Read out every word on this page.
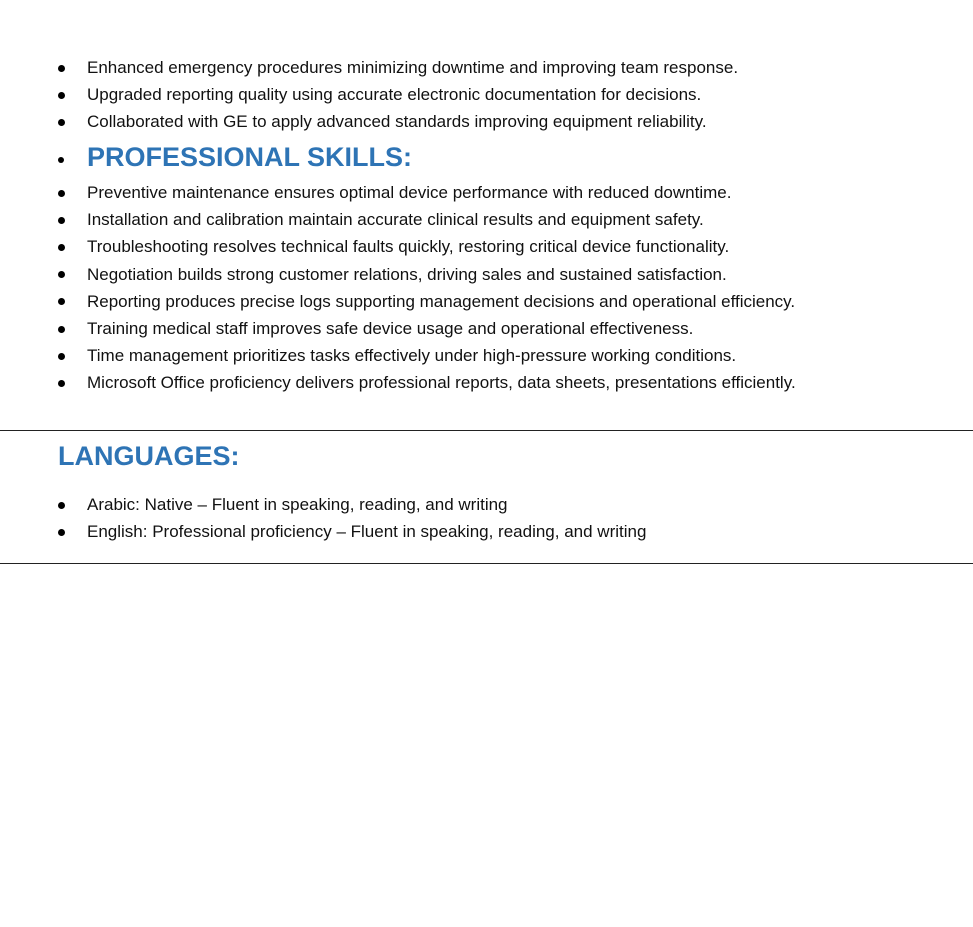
Enhanced emergency procedures minimizing downtime and improving team response.
Upgraded reporting quality using accurate electronic documentation for decisions.
Collaborated with GE to apply advanced standards improving equipment reliability.
PROFESSIONAL SKILLS:
Preventive maintenance ensures optimal device performance with reduced downtime.
Installation and calibration maintain accurate clinical results and equipment safety.
Troubleshooting resolves technical faults quickly, restoring critical device functionality.
Negotiation builds strong customer relations, driving sales and sustained satisfaction.
Reporting produces precise logs supporting management decisions and operational efficiency.
Training medical staff improves safe device usage and operational effectiveness.
Time management prioritizes tasks effectively under high-pressure working conditions.
Microsoft Office proficiency delivers professional reports, data sheets, presentations efficiently.
LANGUAGES:
Arabic: Native – Fluent in speaking, reading, and writing
English: Professional proficiency – Fluent in speaking, reading, and writing
